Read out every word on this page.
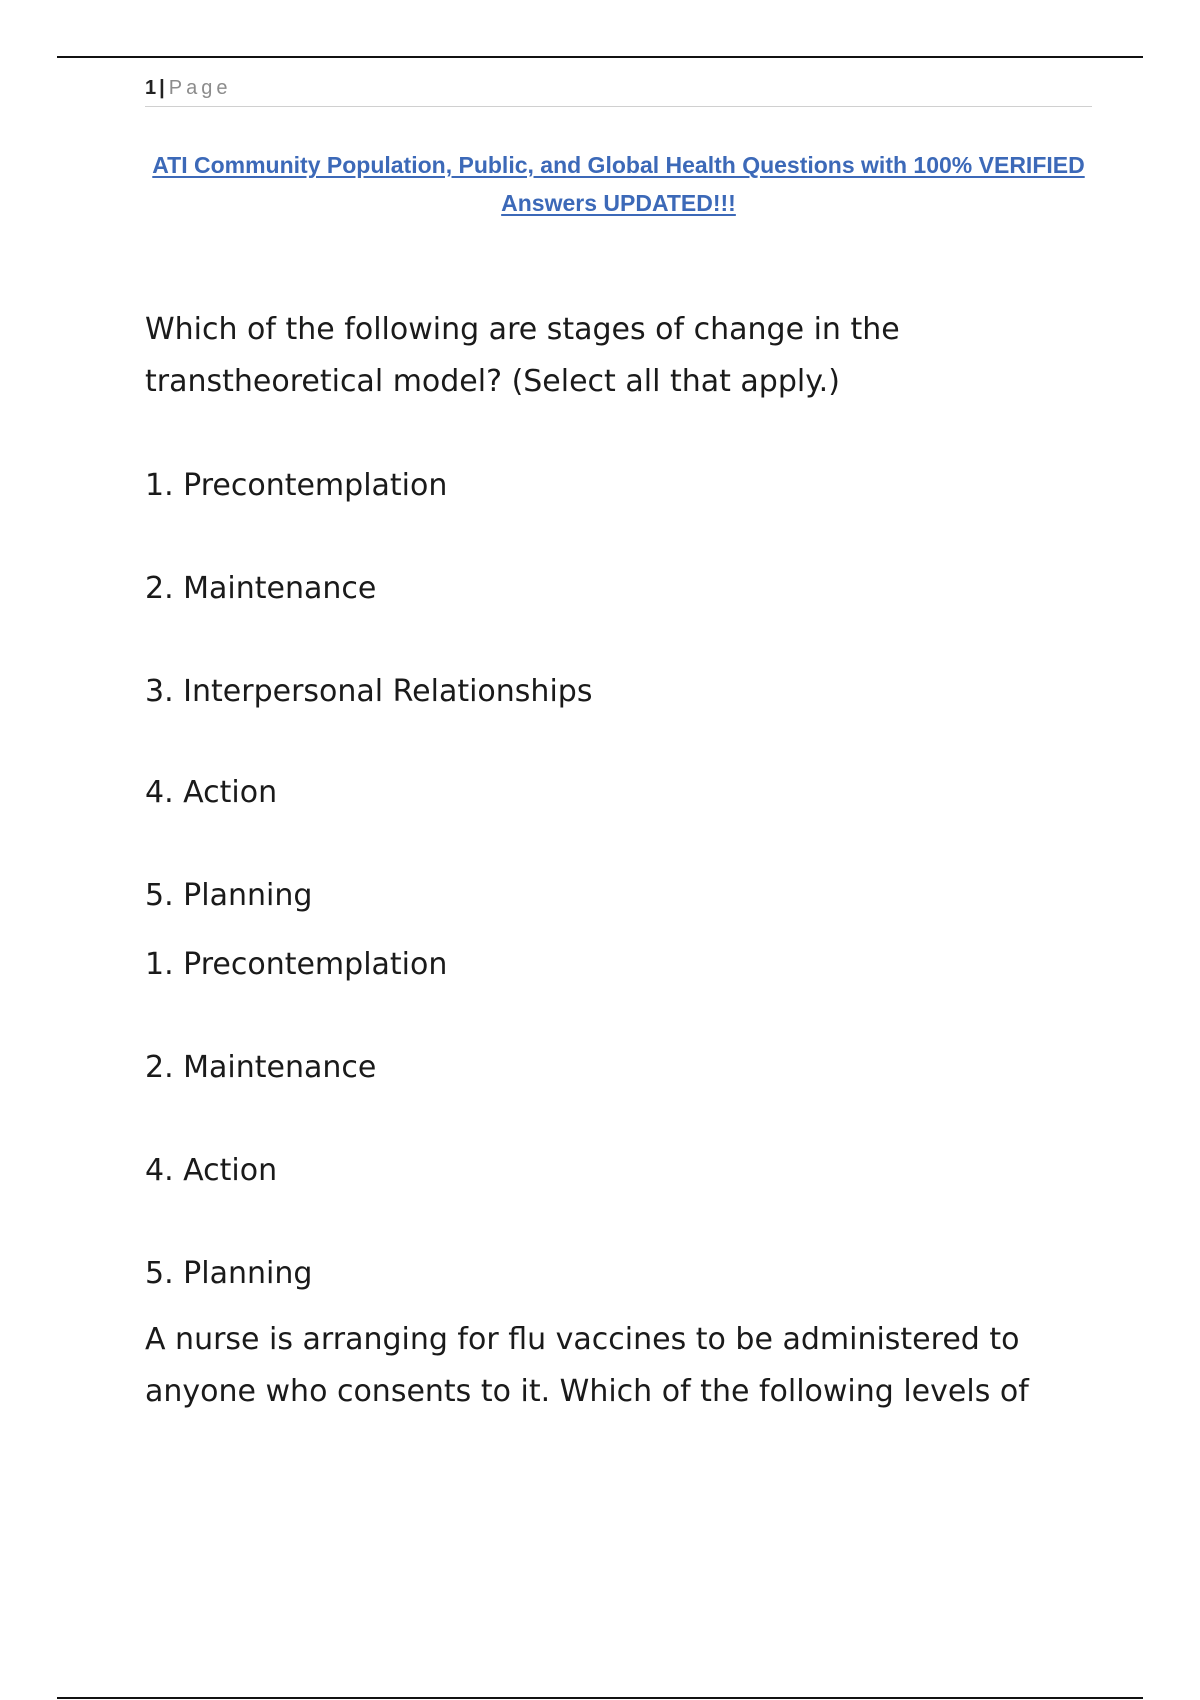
1 | Page
ATI Community Population, Public, and Global Health Questions with 100% VERIFIED Answers UPDATED!!!

Which of the following are stages of change in the transtheoretical model? (Select all that apply.)

1. Precontemplation

2. Maintenance

3. Interpersonal Relationships

4. Action

5. Planning

1. Precontemplation

2. Maintenance

4. Action

5. Planning

A nurse is arranging for flu vaccines to be administered to anyone who consents to it. Which of the following levels of
